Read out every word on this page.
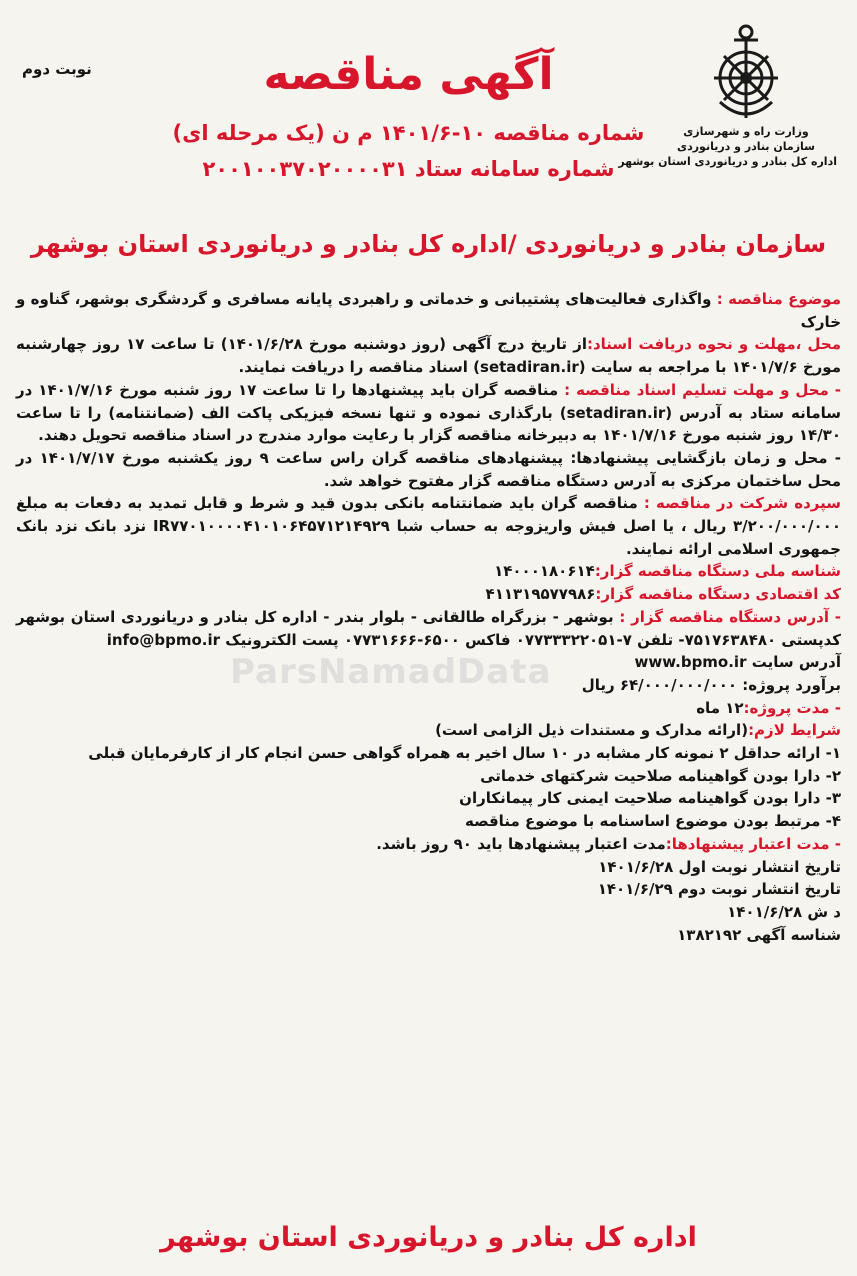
وزارت راه و شهرسازی
سازمان بنادر و دریانوردی
اداره کل بنادر و دریانوردی استان بوشهر
نوبت دوم	آگهی مناقصه
شماره مناقصه ۱۰-۱۴۰۱/۶ م ن (یک مرحله ای)
شماره سامانه ستاد ۲۰۰۱۰۰۳۷۰۲۰۰۰۰۳۱
سازمان بنادر و دریانوردی /اداره کل بنادر و دریانوردی استان بوشهر
ParsNamadData

موضوع مناقصه : واگذاری فعالیت‌های پشتیبانی و خدماتی و راهبردی پایانه مسافری و گردشگری بوشهر، گناوه و خارک

محل ،مهلت و نحوه دریافت اسناد:از تاریخ درج آگهی (روز دوشنبه مورخ ۱۴۰۱/۶/۲۸) تا ساعت ۱۷ روز چهارشنبه مورخ ۱۴۰۱/۷/۶ با مراجعه به سایت (setadiran.ir) اسناد مناقصه را دریافت نمایند.

- محل و مهلت تسلیم اسناد مناقصه : مناقصه گران باید پیشنهادها را تا ساعت ۱۷ روز شنبه مورخ ۱۴۰۱/۷/۱۶ در سامانه ستاد به آدرس (setadiran.ir) بارگذاری نموده و تنها نسخه فیزیکی پاکت الف (ضمانتنامه) را تا ساعت ۱۴/۳۰ روز شنبه مورخ ۱۴۰۱/۷/۱۶ به دبیرخانه مناقصه گزار با رعایت موارد مندرج در اسناد مناقصه تحویل دهند.

- محل و زمان بازگشایی پیشنهادها: پیشنهادهای مناقصه گران راس ساعت ۹ روز یکشنبه مورخ ۱۴۰۱/۷/۱۷ در محل ساختمان مرکزی به آدرس دستگاه مناقصه گزار مفتوح خواهد شد.

سپرده شرکت در مناقصه : مناقصه گران باید ضمانتنامه بانکی بدون قید و شرط و قابل تمدید به دفعات به مبلغ ۳/۲۰۰/۰۰۰/۰۰۰ ریال ، یا اصل فیش واریزوجه به حساب شبا IR۷۷۰۱۰۰۰۰۴۱۰۱۰۶۴۵۷۱۲۱۴۹۲۹ نزد بانک نزد بانک جمهوری اسلامی ارائه نمایند.

شناسه ملی دستگاه مناقصه گزار:۱۴۰۰۰۱۸۰۶۱۴

کد اقتصادی دستگاه مناقصه گزار:۴۱۱۳۱۹۵۷۷۹۸۶

- آدرس دستگاه مناقصه گزار : بوشهر - بزرگراه طالقانی - بلوار بندر - اداره کل بنادر و دریانوردی استان بوشهر کدپستی ۷۵۱۷۶۳۸۴۸۰- تلفن ۷-۰۷۷۳۳۳۲۲۰۵۱ فاکس ۶۵۰۰-۰۷۷۳۱۶۶۶ پست الکترونیک info@bpmo.ir

آدرس سایت www.bpmo.ir

برآورد پروژه: ۶۴/۰۰۰/۰۰۰/۰۰۰ ریال

- مدت پروژه:۱۲ ماه

شرایط لازم:(ارائه مدارک و مستندات ذیل الزامی است)

۱- ارائه حداقل ۲ نمونه کار مشابه در ۱۰ سال اخیر به همراه گواهی حسن انجام کار از کارفرمایان قبلی

۲- دارا بودن گواهینامه صلاحیت شرکتهای خدماتی

۳- دارا بودن گواهینامه صلاحیت ایمنی کار پیمانکاران

۴- مرتبط بودن موضوع اساسنامه با موضوع مناقصه

- مدت اعتبار پیشنهادها:مدت اعتبار پیشنهادها باید ۹۰ روز باشد.

تاریخ انتشار نوبت اول ۱۴۰۱/۶/۲۸

تاریخ انتشار نوبت دوم ۱۴۰۱/۶/۲۹

د ش ۱۴۰۱/۶/۲۸

شناسه آگهی ۱۳۸۲۱۹۲

اداره کل بنادر و دریانوردی استان بوشهر
